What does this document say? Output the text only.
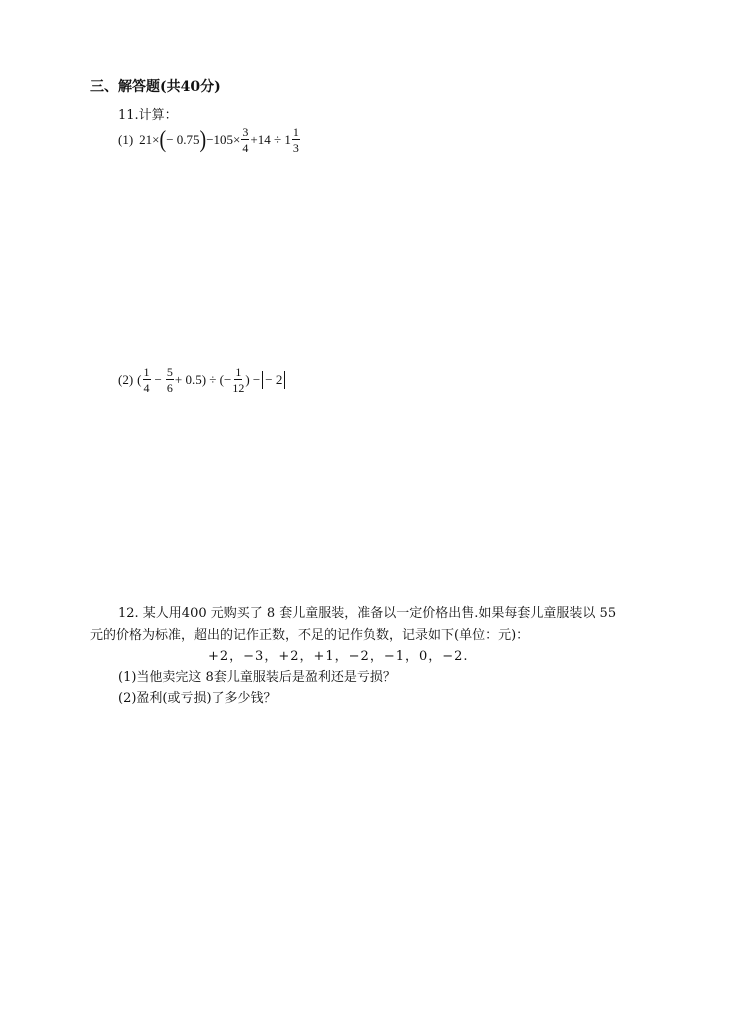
三、解答题(共40分)
11.计算：
(1) 21× ( − 0.75 ) $-105\times \frac{3}{4} +14 \div 1 \frac{1}{3}$
(2) ( $\frac{1}{4} - \frac{5}{6} + 0.5$) ÷ (− $\frac{1}{12}$ ) − − 2
12. 某人用400 元购买了 8 套儿童服装，准备以一定价格出售.如果每套儿童服装以 55
元的价格为标准，超出的记作正数，不足的记作负数，记录如下(单位：元)：
+2，−3，+2，+1，−2，−1，0，−2.
(1)当他卖完这 8套儿童服装后是盈利还是亏损？
(2)盈利(或亏损)了多少钱？
